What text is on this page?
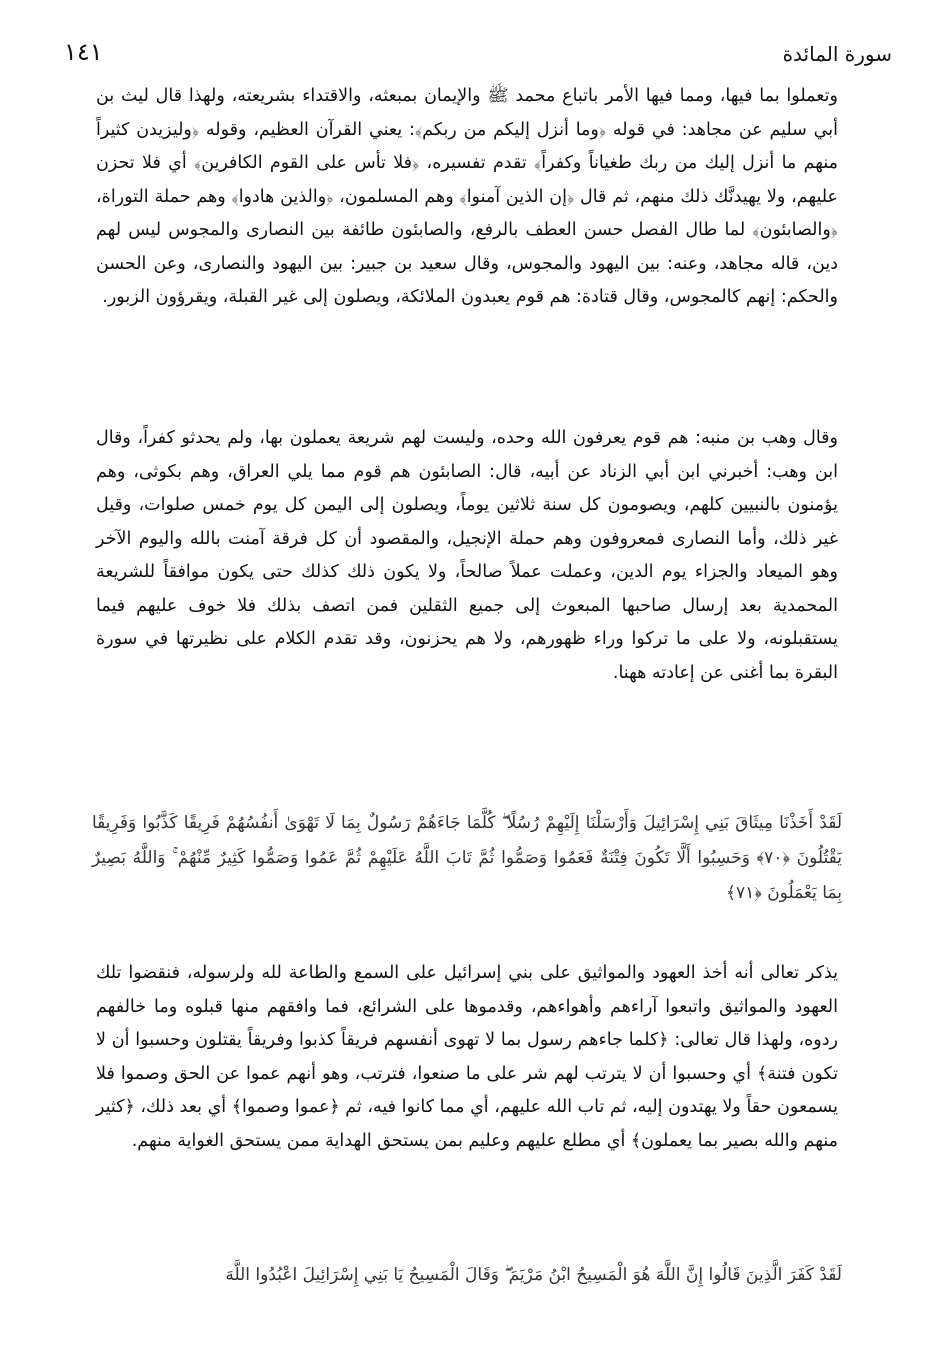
١٤١	سورة المائدة

وتعملوا بما فيها، ومما فيها الأمر باتباع محمد ﷺ والإيمان بمبعثه، والاقتداء بشريعته، ولهذا قال ليث بن أبي سليم عن مجاهد: في قوله ﴿وما أنزل إليكم من ربكم﴾: يعني القرآن العظيم، وقوله ﴿وليزيدن كثيراً منهم ما أنزل إليك من ربك طغياناً وكفراً﴾ تقدم تفسيره، ﴿فلا تأس على القوم الكافرين﴾ أي فلا تحزن عليهم، ولا يهيدنَّك ذلك منهم، ثم قال ﴿إن الذين آمنوا﴾ وهم المسلمون، ﴿والذين هادوا﴾ وهم حملة التوراة، ﴿والصابئون﴾ لما طال الفصل حسن العطف بالرفع، والصابئون طائفة بين النصارى والمجوس ليس لهم دين، قاله مجاهد، وعنه: بين اليهود والمجوس، وقال سعيد بن جبير: بين اليهود والنصارى، وعن الحسن والحكم: إنهم كالمجوس، وقال قتادة: هم قوم يعبدون الملائكة، ويصلون إلى غير القبلة، ويقرؤون الزبور.

وقال وهب بن منبه: هم قوم يعرفون الله وحده، وليست لهم شريعة يعملون بها، ولم يحدثو كفراً، وقال ابن وهب: أخبرني ابن أبي الزناد عن أبيه، قال: الصابئون هم قوم مما يلي العراق، وهم بكوثى، وهم يؤمنون بالنبيين كلهم، ويصومون كل سنة ثلاثين يوماً، ويصلون إلى اليمن كل يوم خمس صلوات، وقيل غير ذلك، وأما النصارى فمعروفون وهم حملة الإنجيل، والمقصود أن كل فرقة آمنت بالله واليوم الآخر وهو الميعاد والجزاء يوم الدين، وعملت عملاً صالحاً، ولا يكون ذلك كذلك حتى يكون موافقاً للشريعة المحمدية بعد إرسال صاحبها المبعوث إلى جميع الثقلين فمن اتصف بذلك فلا خوف عليهم فيما يستقبلونه، ولا على ما تركوا وراء ظهورهم، ولا هم يحزنون، وقد تقدم الكلام على نظيرتها في سورة البقرة بما أغنى عن إعادته ههنا.

لَقَدْ أَخَذْنَا مِيثَاقَ بَنِي إِسْرَائِيلَ وَأَرْسَلْنَا إِلَيْهِمْ رُسُلًا ۖ كُلَّمَا جَاءَهُمْ رَسُولٌ بِمَا لَا تَهْوَىٰ أَنفُسُهُمْ فَرِيقًا كَذَّبُوا وَفَرِيقًا يَقْتُلُونَ ﴿٧٠﴾ وَحَسِبُوا أَلَّا تَكُونَ فِتْنَةٌ فَعَمُوا وَصَمُّوا ثُمَّ تَابَ اللَّهُ عَلَيْهِمْ ثُمَّ عَمُوا وَصَمُّوا كَثِيرٌ مِّنْهُمْ ۚ وَاللَّهُ بَصِيرٌ بِمَا يَعْمَلُونَ ﴿٧١﴾

يذكر تعالى أنه أخذ العهود والمواثيق على بني إسرائيل على السمع والطاعة لله ولرسوله، فنقضوا تلك العهود والمواثيق واتبعوا آراءهم وأهواءهم، وقدموها على الشرائع، فما وافقهم منها قبلوه وما خالفهم ردوه، ولهذا قال تعالى: ﴿كلما جاءهم رسول بما لا تهوى أنفسهم فريقاً كذبوا وفريقاً يقتلون وحسبوا أن لا تكون فتنة﴾ أي وحسبوا أن لا يترتب لهم شر على ما صنعوا، فترتب، وهو أنهم عموا عن الحق وصموا فلا يسمعون حقاً ولا يهتدون إليه، ثم تاب الله عليهم، أي مما كانوا فيه، ثم ﴿عموا وصموا﴾ أي بعد ذلك، ﴿كثير منهم والله بصير بما يعملون﴾ أي مطلع عليهم وعليم بمن يستحق الهداية ممن يستحق الغواية منهم.

لَقَدْ كَفَرَ الَّذِينَ قَالُوا إِنَّ اللَّهَ هُوَ الْمَسِيحُ ابْنُ مَرْيَمَ ۖ وَقَالَ الْمَسِيحُ يَا بَنِي إِسْرَائِيلَ اعْبُدُوا اللَّهَ
